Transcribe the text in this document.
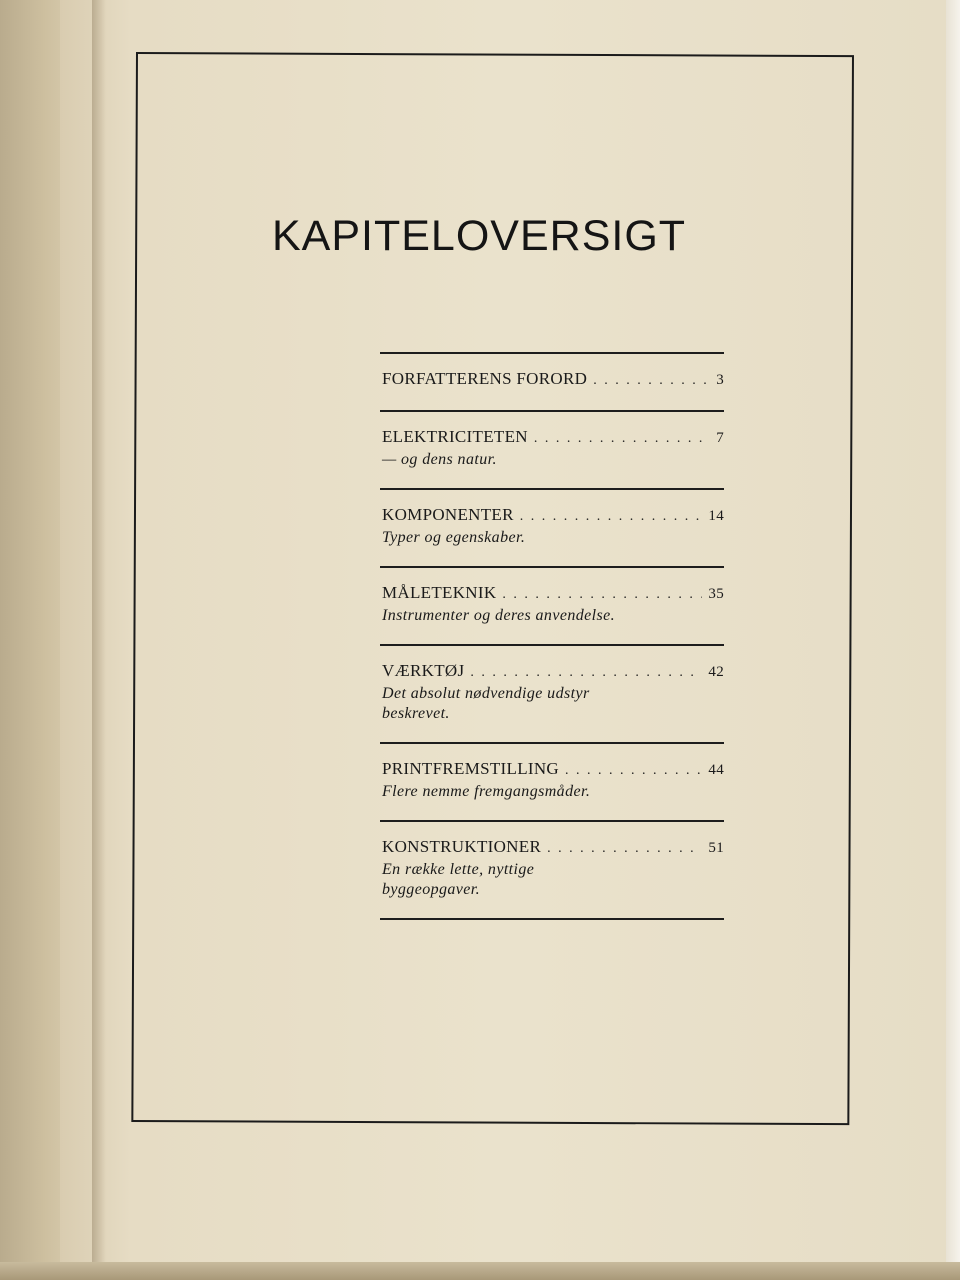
KAPITELOVERSIGT
FORFATTERENS FORORD . . .	3
ELEKTRICITETEN . . .	7
— og dens natur.
KOMPONENTER . . .	14
Typer og egenskaber.
MÅLETEKNIK . . .	35
Instrumenter og deres anvendelse.
VÆRKTØJ . . .	42
Det absolut nødvendige udstyr beskrevet.
PRINTFREMSTILLING . . .	44
Flere nemme fremgangsmåder.
KONSTRUKTIONER . . .	51
En række lette, nyttige byggeopgaver.
